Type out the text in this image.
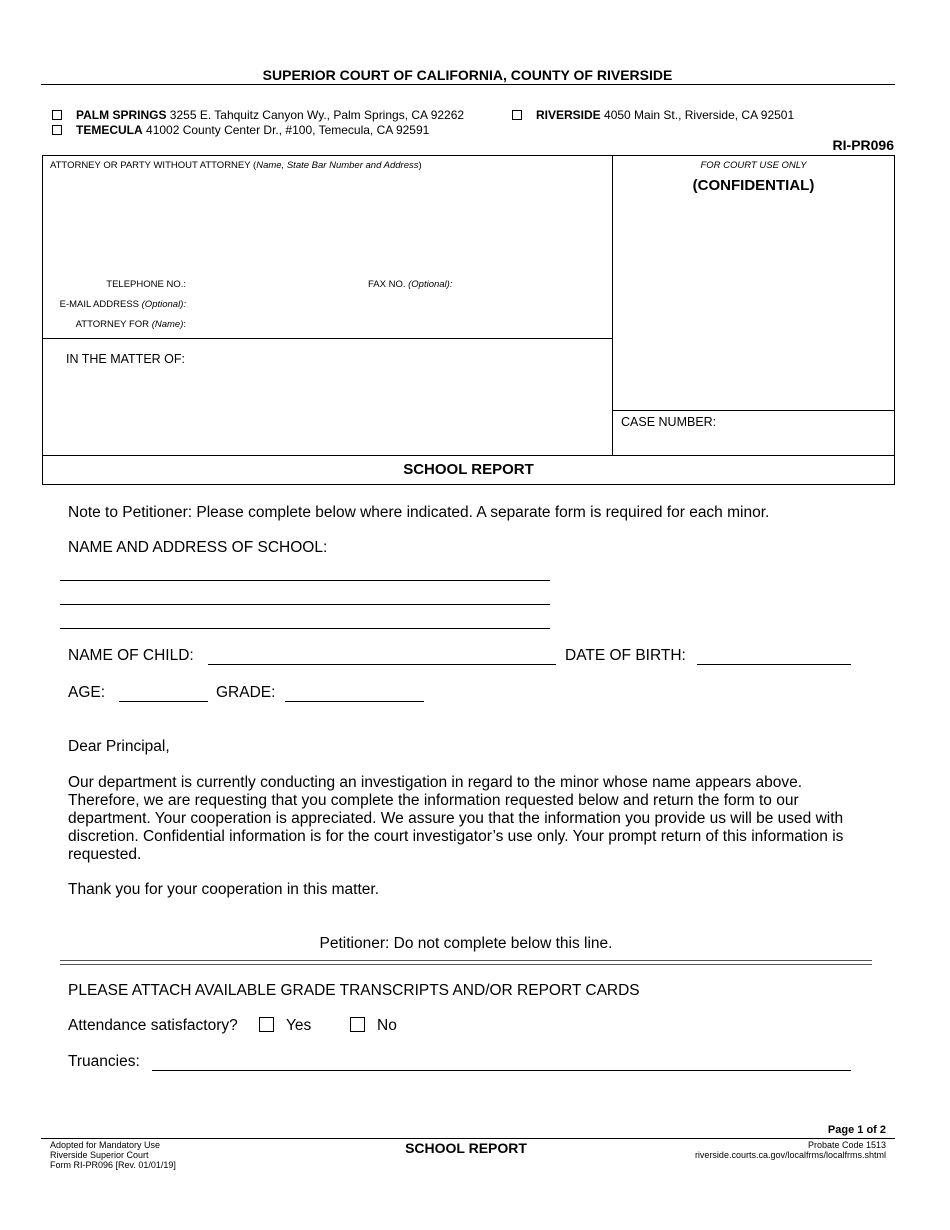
SUPERIOR COURT OF CALIFORNIA, COUNTY OF RIVERSIDE
PALM SPRINGS 3255 E. Tahquitz Canyon Wy., Palm Springs, CA 92262	RIVERSIDE 4050 Main St., Riverside, CA 92501
TEMECULA 41002 County Center Dr., #100, Temecula, CA 92591
RI-PR096
ATTORNEY OR PARTY WITHOUT ATTORNEY (Name, State Bar Number and Address)
TELEPHONE NO.:	FAX NO. (Optional):
E-MAIL ADDRESS (Optional):
ATTORNEY FOR (Name):
FOR COURT USE ONLY
(CONFIDENTIAL)
IN THE MATTER OF:
CASE NUMBER:
SCHOOL REPORT
Note to Petitioner: Please complete below where indicated. A separate form is required for each minor.
NAME AND ADDRESS OF SCHOOL:
NAME OF CHILD:	DATE OF BIRTH:
AGE:	GRADE:
Dear Principal,
Our department is currently conducting an investigation in regard to the minor whose name appears above.
Therefore, we are requesting that you complete the information requested below and return the form to our
department. Your cooperation is appreciated. We assure you that the information you provide us will be used with
discretion. Confidential information is for the court investigator’s use only. Your prompt return of this information is
requested.
Thank you for your cooperation in this matter.
Petitioner: Do not complete below this line.
PLEASE ATTACH AVAILABLE GRADE TRANSCRIPTS AND/OR REPORT CARDS
Attendance satisfactory?	Yes	No
Truancies:
Page 1 of 2
SCHOOL REPORT
Adopted for Mandatory Use
Riverside Superior Court
Form RI-PR096 [Rev. 01/01/19]
Probate Code 1513
riverside.courts.ca.gov/localfrms/localfrms.shtml
